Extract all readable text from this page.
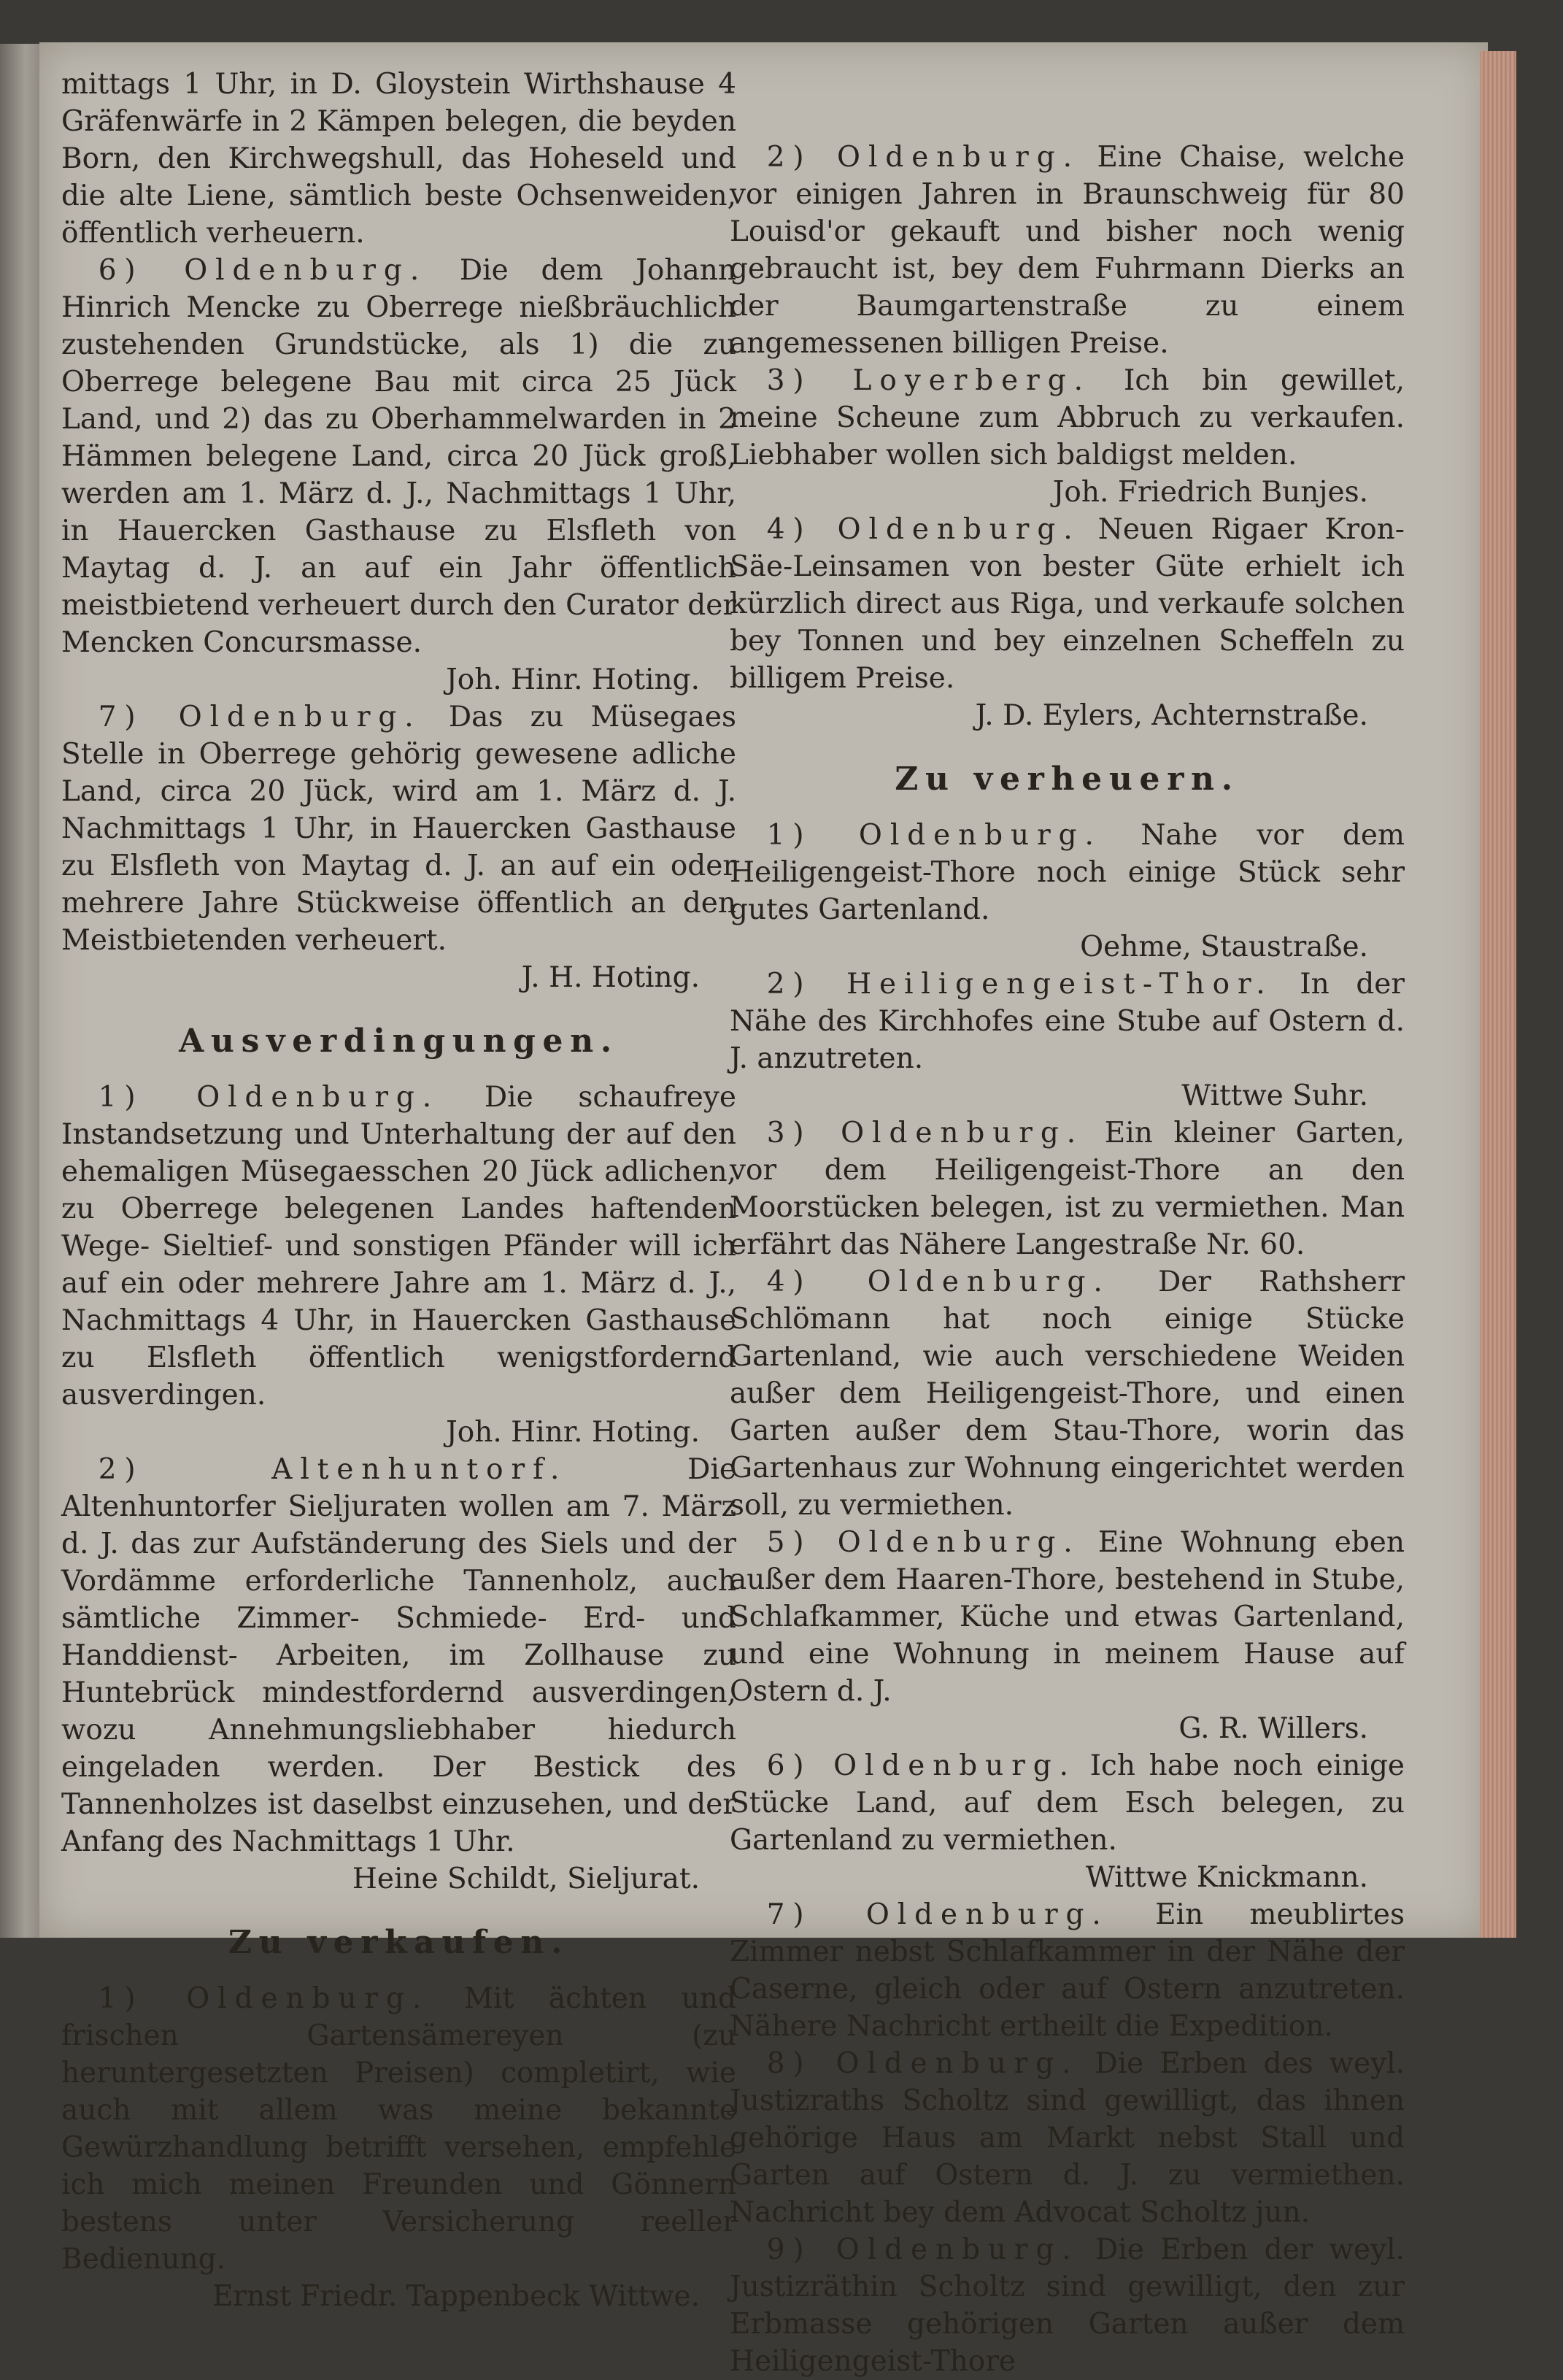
mittags 1 Uhr, in D. Gloystein Wirthshause 4 Gräfenwärfe in 2 Kämpen belegen, die beyden Born, den Kirchwegshull, das Hoheseld und die alte Liene, sämtlich beste Ochsenweiden, öffentlich verheuern.

6) Oldenburg. Die dem Johann Hinrich Mencke zu Oberrege nießbräuchlich zustehenden Grundstücke, als 1) die zu Oberrege belegene Bau mit circa 25 Jück Land, und 2) das zu Oberhammelwarden in 2 Hämmen belegene Land, circa 20 Jück groß, werden am 1. März d. J., Nachmittags 1 Uhr, in Hauercken Gasthause zu Elsfleth von Maytag d. J. an auf ein Jahr öffentlich meistbietend verheuert durch den Curator der Mencken Concursmasse.

Joh. Hinr. Hoting.

7) Oldenburg. Das zu Müsegaes Stelle in Oberrege gehörig gewesene adliche Land, circa 20 Jück, wird am 1. März d. J. Nachmittags 1 Uhr, in Hauercken Gasthause zu Elsfleth von Maytag d. J. an auf ein oder mehrere Jahre Stückweise öffentlich an den Meistbietenden verheuert.

J. H. Hoting.

Ausverdingungen.

1) Oldenburg. Die schaufreye Instandsetzung und Unterhaltung der auf den ehemaligen Müsegaesschen 20 Jück adlichen, zu Oberrege belegenen Landes haftenden Wege- Sieltief- und sonstigen Pfänder will ich auf ein oder mehrere Jahre am 1. März d. J., Nachmittags 4 Uhr, in Hauercken Gasthause zu Elsfleth öffentlich wenigstfordernd ausverdingen.

Joh. Hinr. Hoting.

2) Altenhuntorf.	Die Altenhuntorfer Sieljuraten wollen am 7. März d. J. das zur Aufständerung des Siels und der Vordämme erforderliche Tannenholz, auch sämtliche Zimmer- Schmiede- Erd- und Handdienst- Arbeiten, im Zollhause zu Huntebrück mindestfordernd ausverdingen, wozu Annehmungsliebhaber hiedurch eingeladen werden. Der Bestick des Tannenholzes ist daselbst einzusehen, und der Anfang des Nachmittags 1 Uhr.

Heine Schildt, Sieljurat.

Zu verkaufen.

1) Oldenburg. Mit ächten und frischen Gartensämereyen (zu heruntergesetzten Preisen) completirt, wie auch mit allem was meine bekannte Gewürzhandlung betrifft versehen, empfehle ich mich meinen Freunden und Gönnern bestens unter Versicherung reeller Bedienung.

Ernst Friedr. Tappenbeck Wittwe.

2) Oldenburg. Eine Chaise, welche vor einigen Jahren in Braunschweig für 80 Louisd'or gekauft und bisher noch wenig gebraucht ist, bey dem Fuhrmann Dierks an der Baumgartenstraße zu einem angemessenen billigen Preise.

3) Loyerberg. Ich bin gewillet, meine Scheune zum Abbruch zu verkaufen. Liebhaber wollen sich baldigst melden.

Joh. Friedrich Bunjes.

4) Oldenburg. Neuen Rigaer Kron-Säe-Leinsamen von bester Güte erhielt ich kürzlich direct aus Riga, und verkaufe solchen bey Tonnen und bey einzelnen Scheffeln zu billigem Preise.

J. D. Eylers, Achternstraße.

Zu verheuern.

1) Oldenburg. Nahe vor dem Heiligengeist-Thore noch einige Stück sehr gutes Gartenland.

Oehme, Staustraße.

2) Heiligengeist-Thor. In der Nähe des Kirchhofes eine Stube auf Ostern d. J. anzutreten.

Wittwe Suhr.

3) Oldenburg. Ein kleiner Garten, vor dem Heiligengeist-Thore an den Moorstücken belegen, ist zu vermiethen. Man erfährt das Nähere Langestraße Nr. 60.

4) Oldenburg. Der Rathsherr Schlömann hat noch einige Stücke Gartenland, wie auch verschiedene Weiden außer dem Heiligengeist-Thore, und einen Garten außer dem Stau-Thore, worin das Gartenhaus zur Wohnung eingerichtet werden soll, zu vermiethen.

5) Oldenburg. Eine Wohnung eben außer dem Haaren-Thore, bestehend in Stube, Schlafkammer, Küche und etwas Gartenland, und eine Wohnung in meinem Hause auf Ostern d. J.

G. R. Willers.

6) Oldenburg. Ich habe noch einige Stücke Land, auf dem Esch belegen, zu Gartenland zu vermiethen.

Wittwe Knickmann.

7) Oldenburg. Ein meublirtes Zimmer nebst Schlafkammer in der Nähe der Caserne, gleich oder auf Ostern anzutreten. Nähere Nachricht ertheilt die Expedition.

8) Oldenburg. Die Erben des weyl. Justizraths Scholtz sind gewilligt, das ihnen gehörige Haus am Markt nebst Stall und Garten auf Ostern d. J. zu vermiethen. Nachricht bey dem Advocat Scholtz jun.

9) Oldenburg. Die Erben der weyl. Justizräthin Scholtz sind gewilligt, den zur Erbmasse gehörigen Garten außer dem Heiligengeist-Thore
